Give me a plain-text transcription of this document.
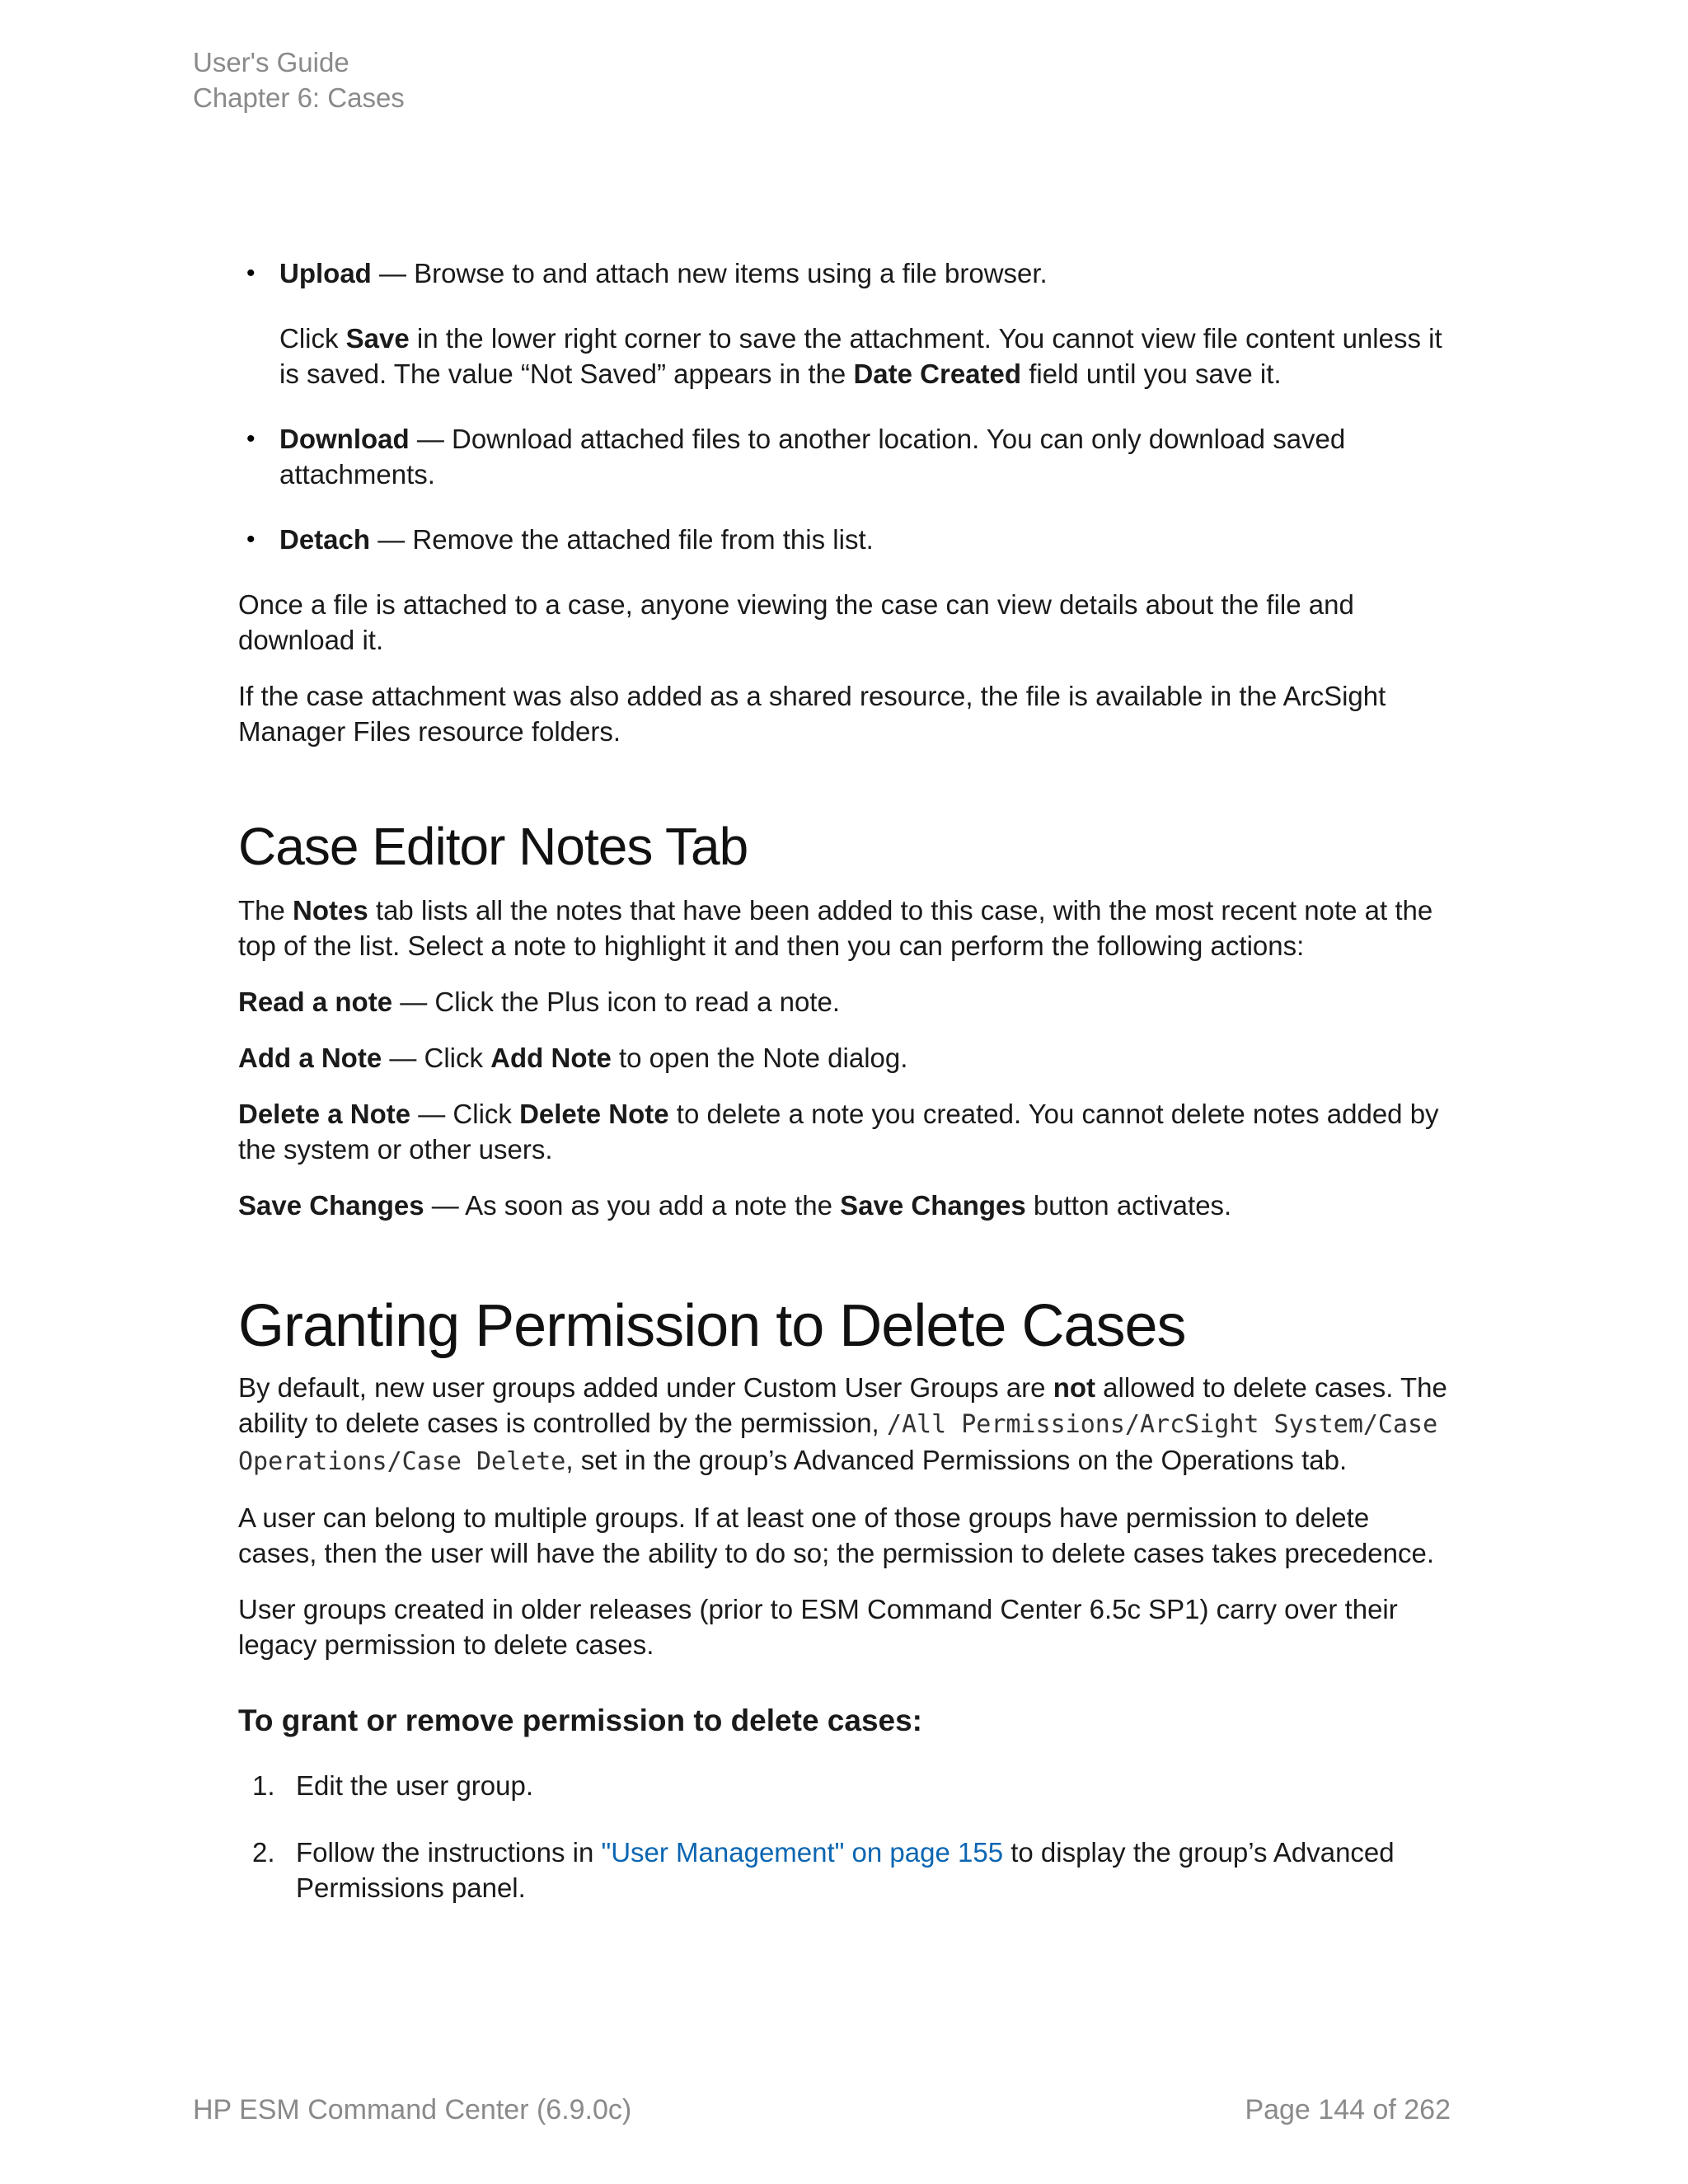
User's Guide
Chapter 6: Cases
• Upload — Browse to and attach new items using a file browser.

Click Save in the lower right corner to save the attachment. You cannot view file content unless it is saved. The value “Not Saved” appears in the Date Created field until you save it.

• Download — Download attached files to another location. You can only download saved attachments.
• Detach — Remove the attached file from this list.

Once a file is attached to a case, anyone viewing the case can view details about the file and download it.

If the case attachment was also added as a shared resource, the file is available in the ArcSight Manager Files resource folders.

Case Editor Notes Tab

The Notes tab lists all the notes that have been added to this case, with the most recent note at the top of the list. Select a note to highlight it and then you can perform the following actions:

Read a note — Click the Plus icon to read a note.

Add a Note — Click Add Note to open the Note dialog.

Delete a Note — Click Delete Note to delete a note you created. You cannot delete notes added by the system or other users.

Save Changes — As soon as you add a note the Save Changes button activates.

Granting Permission to Delete Cases

By default, new user groups added under Custom User Groups are not allowed to delete cases. The ability to delete cases is controlled by the permission, /All Permissions/ArcSight System/Case Operations/Case Delete, set in the group’s Advanced Permissions on the Operations tab.

A user can belong to multiple groups. If at least one of those groups have permission to delete cases, then the user will have the ability to do so; the permission to delete cases takes precedence.

User groups created in older releases (prior to ESM Command Center 6.5c SP1) carry over their legacy permission to delete cases.

To grant or remove permission to delete cases:
1. Edit the user group.
2. Follow the instructions in "User Management" on page 155 to display the group’s Advanced Permissions panel.
HP ESM Command Center (6.9.0c)	Page 144 of 262
